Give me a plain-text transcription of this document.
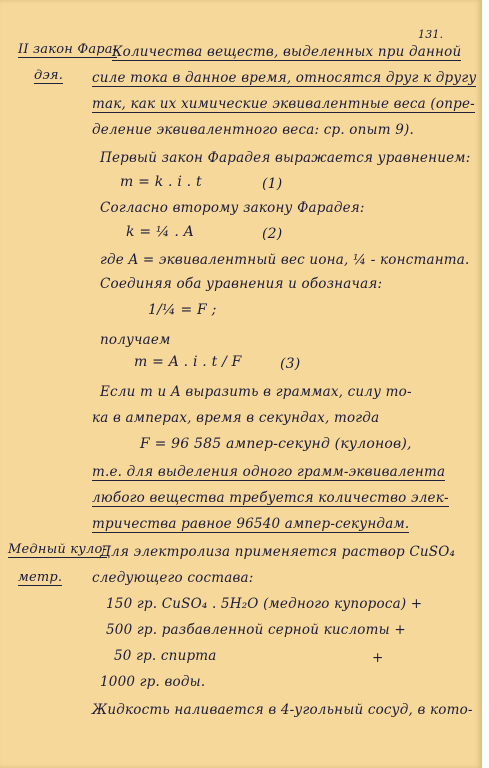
131.
II закон Фара-
дэя.
Количества веществ, выделенных при данной
силе тока в данное время, относятся друг к другу
так, как их химические эквивалентные веса (опре-
деление эквивалентного веса: ср. опыт 9).
Первый закон Фарадея выражается уравнением:
m = k . i . t	(1)
Согласно второму закону Фарадея:
k = ¼ . A	(2)
где A = эквивалентный вес иона, ¼ - константа.
Соединяя оба уравнения и обозначая:
1/¼ = F ;
получаем
m = A . i . t / F	(3)
Если m и A выразить в граммах, силу то-
ка в амперах, время в секундах, тогда
F = 96 585 ампер-секунд (кулонов),
т.е. для выделения одного грамм-эквивалента
любого вещества требуется количество элек-
тричества равное 96540 ампер-секундам.
Медный куло-
метр.
Для электролиза применяется раствор CuSO₄
следующего состава:
150 гр. CuSO₄ . 5H₂O (медного купороса) +
500 гр. разбавленной серной кислоты +
50 гр. спирта	+
1000 гр. воды.
Жидкость наливается в 4-угольный сосуд, в кото-
